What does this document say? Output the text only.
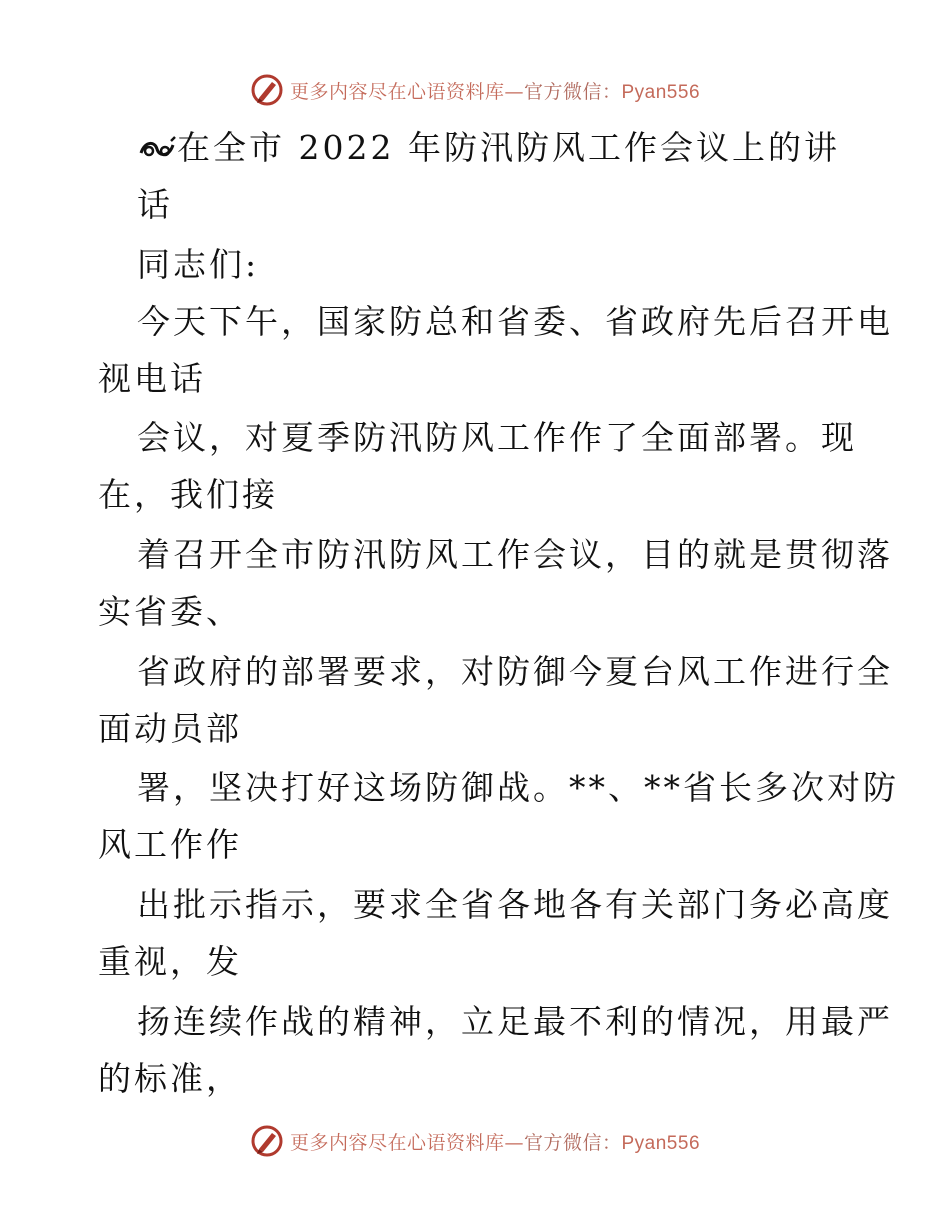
更多内容尽在心语资料库—官方微信：Pyan556
在全市 2022 年防汛防风工作会议上的讲
话
同志们:
今天下午，国家防总和省委、省政府先后召开电
视电话
会议，对夏季防汛防风工作作了全面部署。现
在，我们接
着召开全市防汛防风工作会议，目的就是贯彻落
实省委、
省政府的部署要求，对防御今夏台风工作进行全
面动员部
署，坚决打好这场防御战。**、**省长多次对防
风工作作
出批示指示，要求全省各地各有关部门务必高度
重视，发
扬连续作战的精神，立足最不利的情况，用最严
的标准，
更多内容尽在心语资料库—官方微信：Pyan556
